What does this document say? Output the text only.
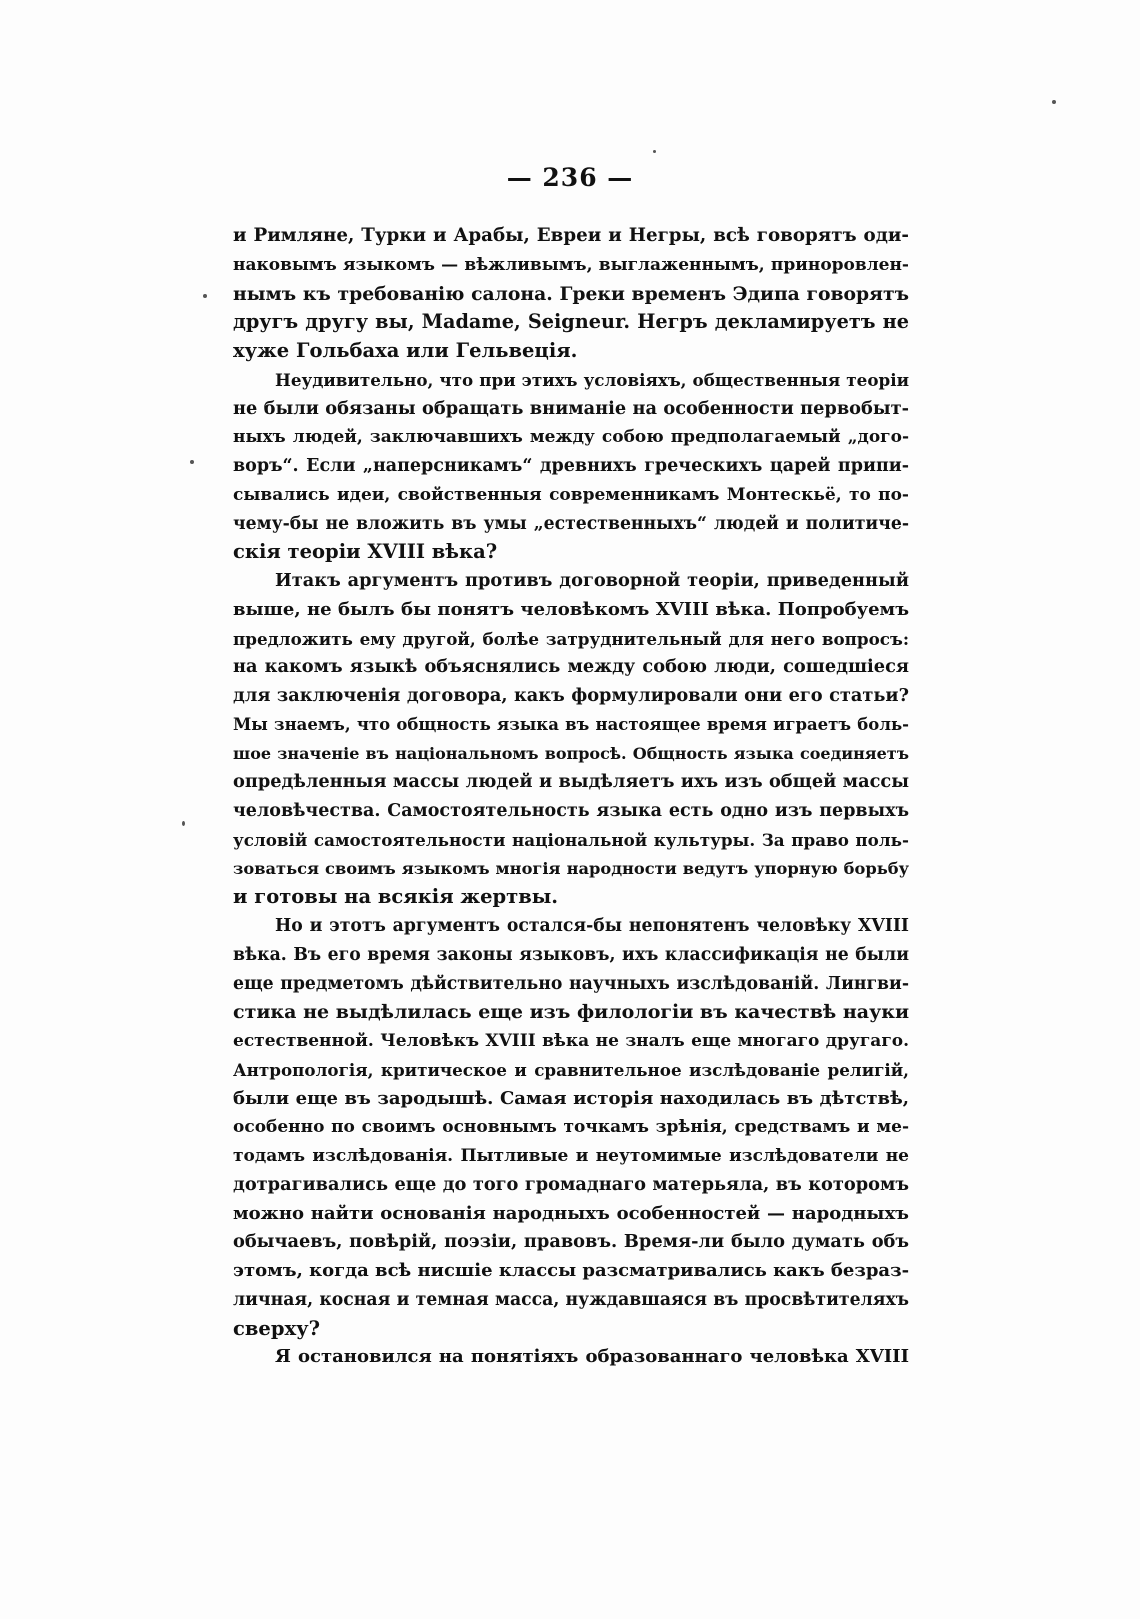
— 236 —
и Римляне, Турки и Арабы, Евреи и Негры, всѣ говорятъ оди-
наковымъ языкомъ — вѣжливымъ, выглаженнымъ, приноровлен-
нымъ къ требованію салона. Греки временъ Эдипа говорятъ
другъ другу вы, Madame, Seigneur. Негръ декламируетъ не
хуже Гольбаха или Гельвеція.
Неудивительно, что при этихъ условіяхъ, общественныя теоріи
не были обязаны обращать вниманіе на особенности первобыт-
ныхъ людей, заключавшихъ между собою предполагаемый „дого-
воръ“. Если „наперсникамъ“ древнихъ греческихъ царей припи-
сывались идеи, свойственныя современникамъ Монтескьё, то по-
чему-бы не вложить въ умы „естественныхъ“ людей и политиче-
скія теоріи XVIII вѣка?
Итакъ аргументъ противъ договорной теоріи, приведенный
выше, не былъ бы понятъ человѣкомъ XVIII вѣка. Попробуемъ
предложить ему другой, болѣе затруднительный для него вопросъ:
на какомъ языкѣ объяснялись между собою люди, сошедшіеся
для заключенія договора, какъ формулировали они его статьи?
Мы знаемъ, что общность языка въ настоящее время играетъ боль-
шое значеніе въ національномъ вопросѣ. Общность языка соединяетъ
опредѣленныя массы людей и выдѣляетъ ихъ изъ общей массы
человѣчества. Самостоятельность языка есть одно изъ первыхъ
условій самостоятельности національной культуры. За право поль-
зоваться своимъ языкомъ многія народности ведутъ упорную борьбу
и готовы на всякія жертвы.
Но и этотъ аргументъ остался-бы непонятенъ человѣку XVIII
вѣка. Въ его время законы языковъ, ихъ классификація не были
еще предметомъ дѣйствительно научныхъ изслѣдованій. Лингви-
стика не выдѣлилась еще изъ филологіи въ качествѣ науки
естественной. Человѣкъ XVIII вѣка не зналъ еще многаго другаго.
Антропологія, критическое и сравнительное изслѣдованіе религій,
были еще въ зародышѣ. Самая исторія находилась въ дѣтствѣ,
особенно по своимъ основнымъ точкамъ зрѣнія, средствамъ и ме-
тодамъ изслѣдованія. Пытливые и неутомимые изслѣдователи не
дотрагивались еще до того громаднаго матерьяла, въ которомъ
можно найти основанія народныхъ особенностей — народныхъ
обычаевъ, повѣрій, поэзіи, правовъ. Время-ли было думать объ
этомъ, когда всѣ нисшіе классы разсматривались какъ безраз-
личная, косная и темная масса, нуждавшаяся въ просвѣтителяхъ
сверху?
Я остановился на понятіяхъ образованнаго человѣка XVIII
